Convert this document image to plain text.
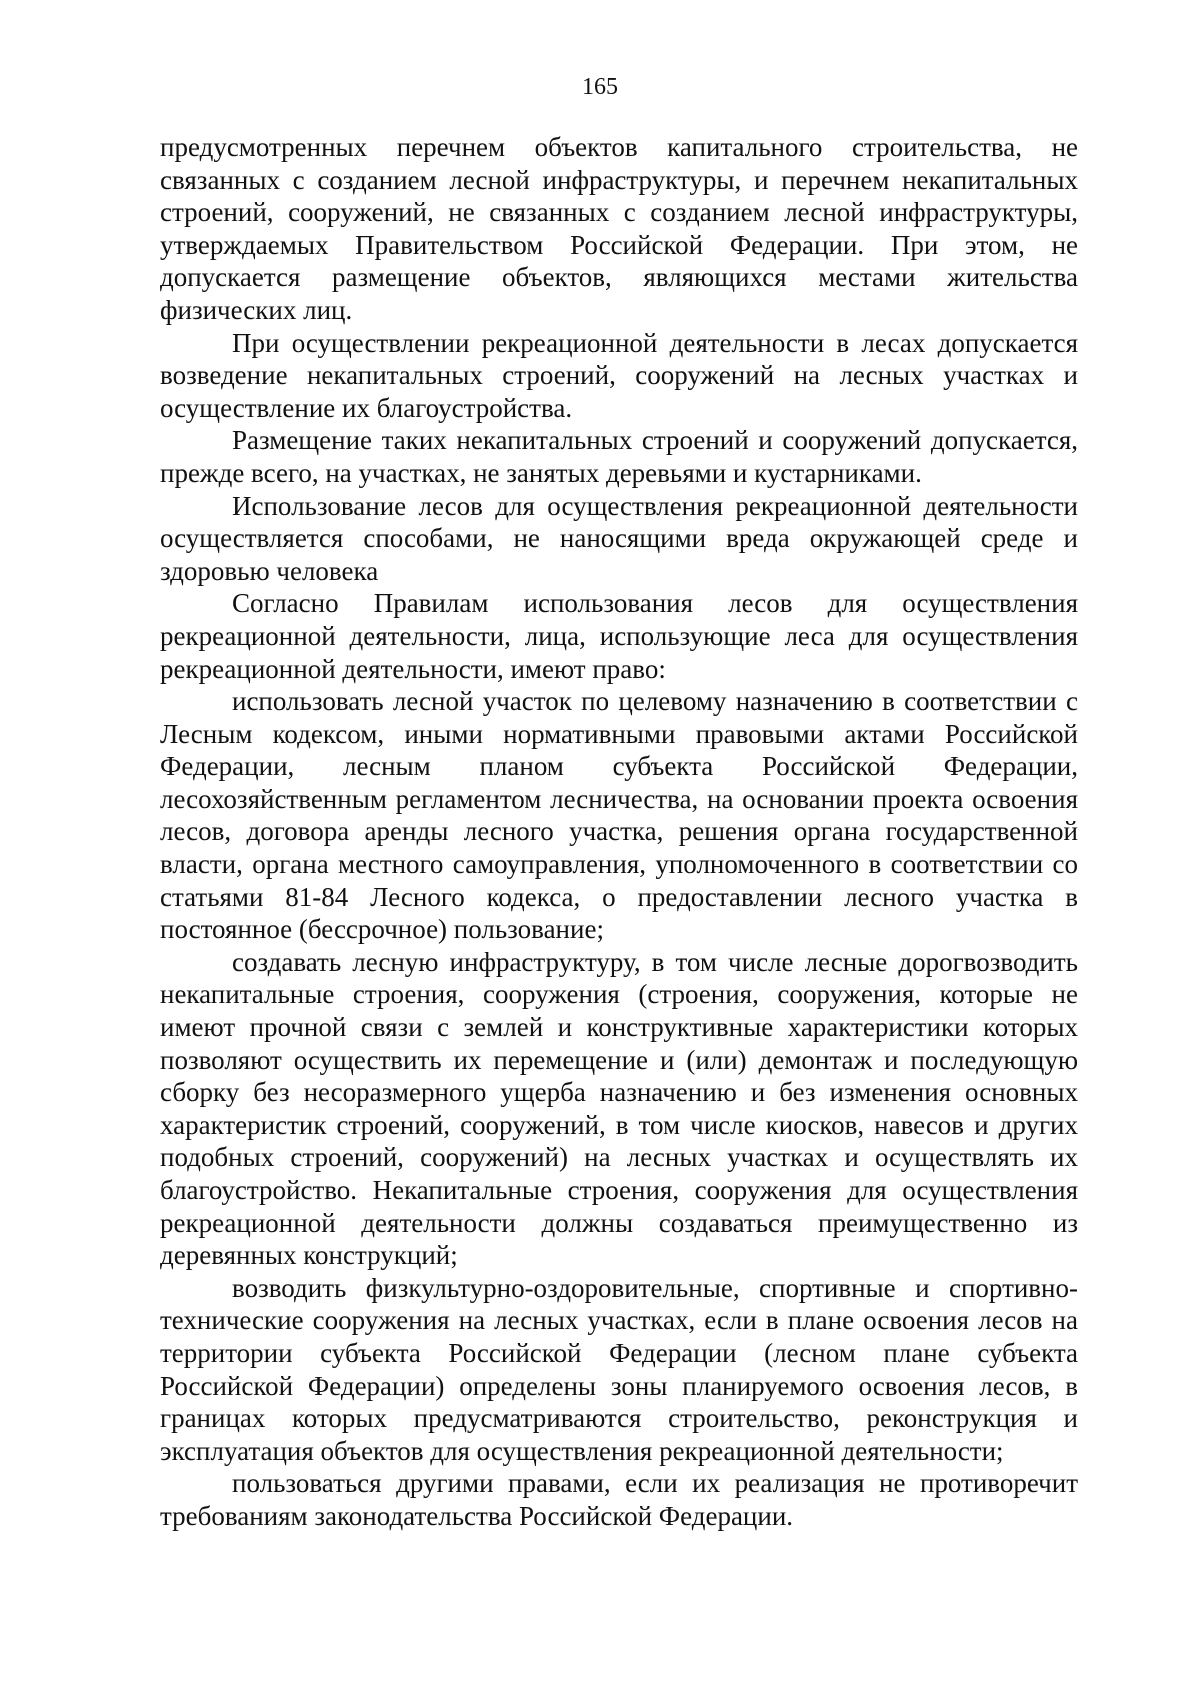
165

предусмотренных перечнем объектов капитального строительства, не связанных с созданием лесной инфраструктуры, и перечнем некапитальных строений, сооружений, не связанных с созданием лесной инфраструктуры, утверждаемых Правительством Российской Федерации. При этом, не допускается размещение объектов, являющихся местами жительства физических лиц.

При осуществлении рекреационной деятельности в лесах допускается возведение некапитальных строений, сооружений на лесных участках и осуществление их благоустройства.

Размещение таких некапитальных строений и сооружений допускается, прежде всего, на участках, не занятых деревьями и кустарниками.

Использование лесов для осуществления рекреационной деятельности осуществляется способами, не наносящими вреда окружающей среде и здоровью человека

Согласно Правилам использования лесов для осуществления рекреационной деятельности, лица, использующие леса для осуществления рекреационной деятельности, имеют право:

использовать лесной участок по целевому назначению в соответствии с Лесным кодексом, иными нормативными правовыми актами Российской Федерации, лесным планом субъекта Российской Федерации, лесохозяйственным регламентом лесничества, на основании проекта освоения лесов, договора аренды лесного участка, решения органа государственной власти, органа местного самоуправления, уполномоченного в соответствии со статьями 81-84 Лесного кодекса, о предоставлении лесного участка в постоянное (бессрочное) пользование;

создавать лесную инфраструктуру, в том числе лесные дорогвозводить некапитальные строения, сооружения (строения, сооружения, которые не имеют прочной связи с землей и конструктивные характеристики которых позволяют осуществить их перемещение и (или) демонтаж и последующую сборку без несоразмерного ущерба назначению и без изменения основных характеристик строений, сооружений, в том числе киосков, навесов и других подобных строений, сооружений) на лесных участках и осуществлять их благоустройство. Некапитальные строения, сооружения для осуществления рекреационной деятельности должны создаваться преимущественно из деревянных конструкций;

возводить физкультурно-оздоровительные, спортивные и спортивно-технические сооружения на лесных участках, если в плане освоения лесов на территории субъекта Российской Федерации (лесном плане субъекта Российской Федерации) определены зоны планируемого освоения лесов, в границах которых предусматриваются строительство, реконструкция и эксплуатация объектов для осуществления рекреационной деятельности;

пользоваться другими правами, если их реализация не противоречит требованиям законодательства Российской Федерации.
